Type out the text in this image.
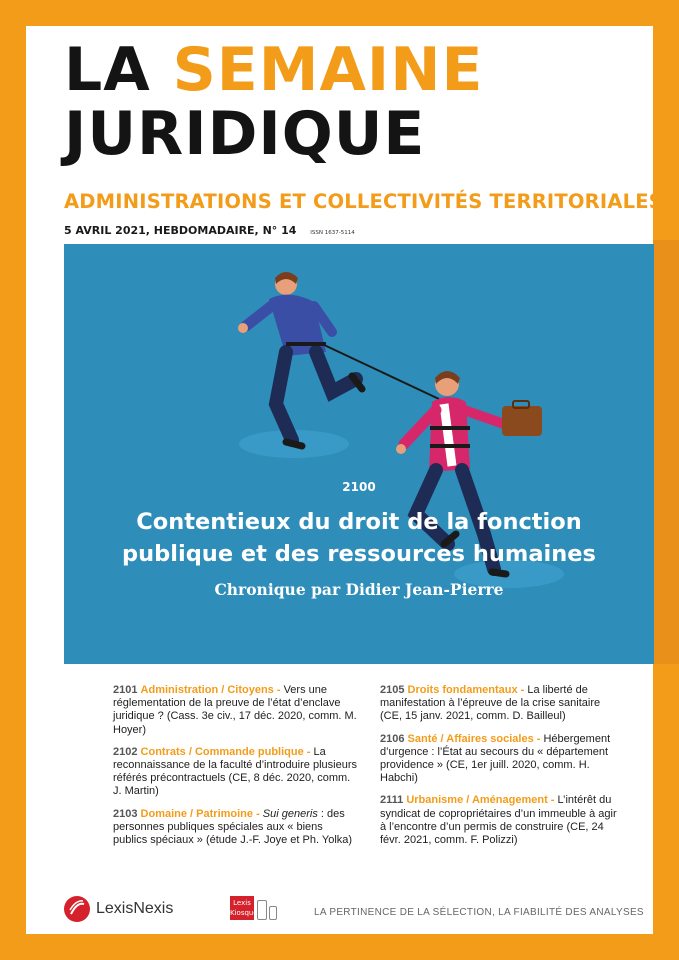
LA SEMAINE
JURIDIQUE
ADMINISTRATIONS ET COLLECTIVITÉS TERRITORIALES
5 AVRIL 2021, HEBDOMADAIRE, N° 14	ISSN 1637-5114
2100
Contentieux du droit de la fonction
publique et des ressources humaines
Chronique par Didier Jean-Pierre
2101 Administration / Citoyens - Vers une réglementation de la preuve de l’état d’enclave juridique ? (Cass. 3e civ., 17 déc. 2020, comm. M. Hoyer)
2102 Contrats / Commande publique - La reconnaissance de la faculté d’introduire plusieurs référés précontractuels (CE, 8 déc. 2020, comm. J. Martin)
2103 Domaine / Patrimoine - Sui generis : des personnes publiques spéciales aux « biens publics spéciaux » (étude J.-F. Joye et Ph. Yolka)
2105 Droits fondamentaux - La liberté de manifestation à l’épreuve de la crise sanitaire (CE, 15 janv. 2021, comm. D. Bailleul)
2106 Santé / Affaires sociales - Hébergement d’urgence : l’État au secours du « département providence » (CE, 1er juill. 2020, comm. H. Habchi)
2111 Urbanisme / Aménagement - L’intérêt du syndicat de copropriétaires d’un immeuble à agir à l’encontre d’un permis de construire (CE, 24 févr. 2021, comm. F. Polizzi)
LexisNexis	Lexis
Kiosque	LA PERTINENCE DE LA SÉLECTION, LA FIABILITÉ DES ANALYSES
